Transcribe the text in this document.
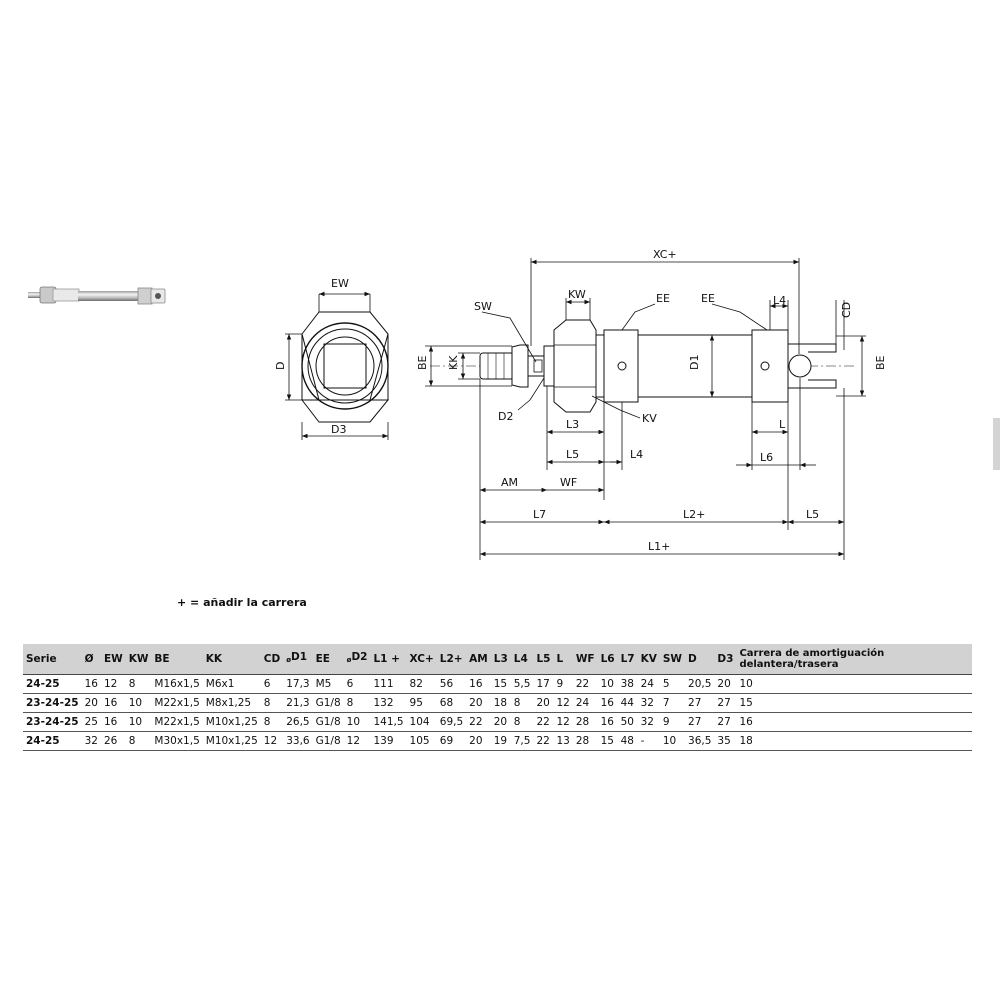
EW
D
D3
XC+
KW	EE	EE	L4
CD
SW
BE KK	D1	BE
D2
L3	KV	L
L5	L4	L6
AM	WF
L7	L2+	L5
L1+
+ = añadir la carrera
Serie	Ø	EW	KW	BE	KK	CD	$_ø$D1	EE	$_ø$D2	L1 +	XC+	L2+	AM	L3	L4	L5	L	WF	L6	L7	KV	SW	D	D3	Carrera de amortiguación delantera/trasera
24-25	16	12	8	M16x1,5	M6x1	6	17,3	M5	6	111	82	56	16	15	5,5	17	9	22	10	38	24	5	20,5	20	10
23-24-25	20	16	10	M22x1,5	M8x1,25	8	21,3	G1/8	8	132	95	68	20	18	8	20	12	24	16	44	32	7	27	27	15
23-24-25	25	16	10	M22x1,5	M10x1,25	8	26,5	G1/8	10	141,5	104	69,5	22	20	8	22	12	28	16	50	32	9	27	27	16
24-25	32	26	8	M30x1,5	M10x1,25	12	33,6	G1/8	12	139	105	69	20	19	7,5	22	13	28	15	48	-	10	36,5	35	18
